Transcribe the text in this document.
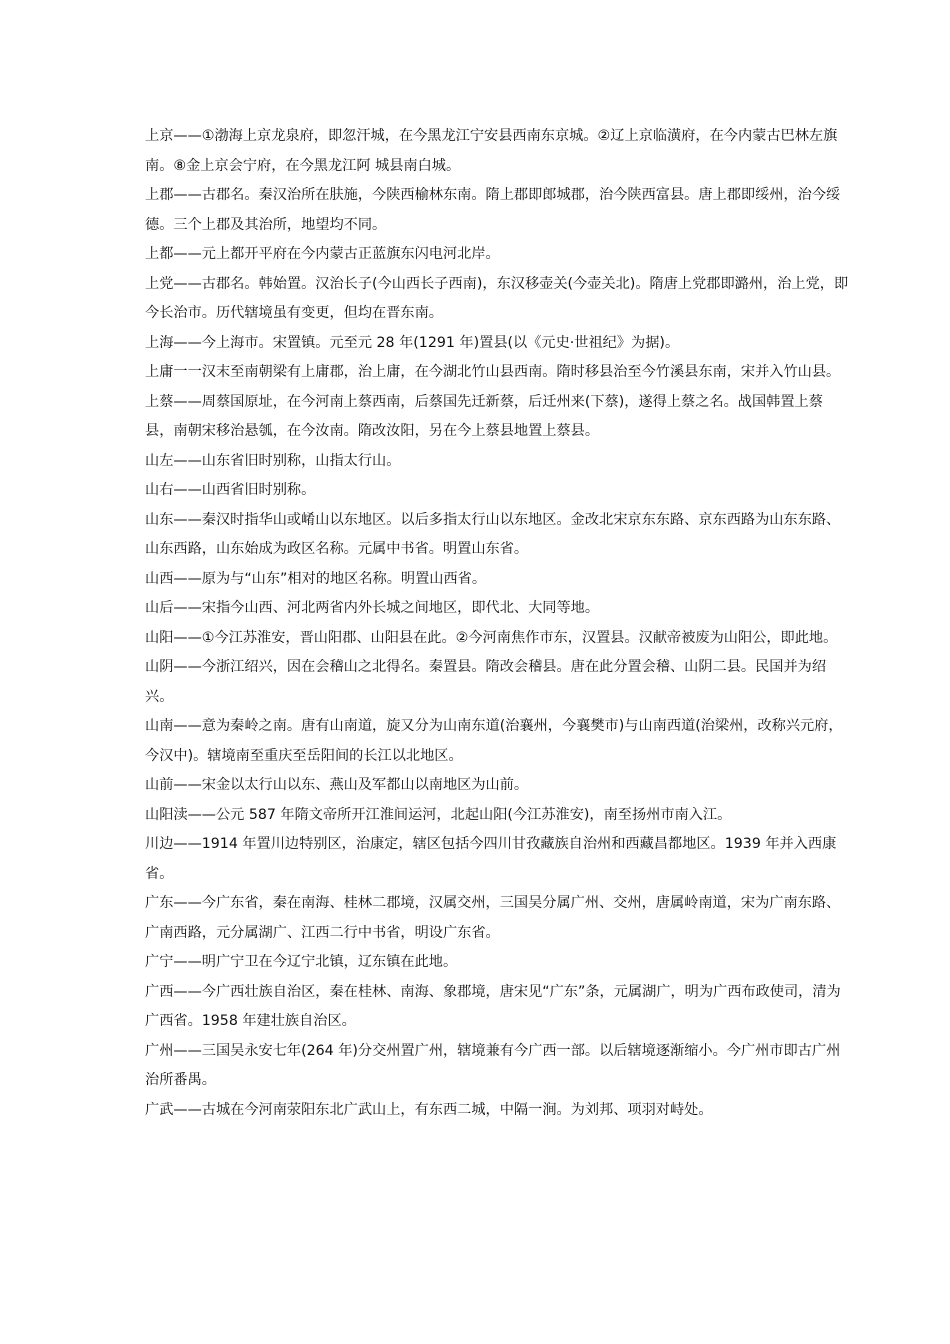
上京——①渤海上京龙泉府，即忽汗城，在今黑龙江宁安县西南东京城。②辽上京临潢府，在今内蒙古巴林左旗南。⑧金上京会宁府，在今黑龙江阿 城县南白城。

上郡——古郡名。秦汉治所在肤施，今陕西榆林东南。隋上郡即郎城郡，治今陕西富县。唐上郡即绥州，治今绥德。三个上郡及其治所，地望均不同。

上都——元上都开平府在今内蒙古正蓝旗东闪电河北岸。

上党——古郡名。韩始置。汉治长子(今山西长子西南)，东汉移壶关(今壶关北)。隋唐上党郡即潞州，治上党，即今长治市。历代辖境虽有变更，但均在晋东南。

上海——今上海市。宋置镇。元至元 28 年(1291 年)置县(以《元史·世祖纪》为据)。

上庸一一汉末至南朝梁有上庸郡，治上庸，在今湖北竹山县西南。隋时移县治至今竹溪县东南，宋并入竹山县。

上蔡——周蔡国原址，在今河南上蔡西南，后蔡国先迁新蔡，后迁州来(下蔡)，遂得上蔡之名。战国韩置上蔡县，南朝宋移治悬瓠，在今汝南。隋改汝阳，另在今上蔡县地置上蔡县。

山左——山东省旧时别称，山指太行山。

山右——山西省旧时别称。

山东——秦汉时指华山或崤山以东地区。以后多指太行山以东地区。金改北宋京东东路、京东西路为山东东路、山东西路，山东始成为政区名称。元属中书省。明置山东省。

山西——原为与“山东”相对的地区名称。明置山西省。

山后——宋指今山西、河北两省内外长城之间地区，即代北、大同等地。

山阳——①今江苏淮安，晋山阳郡、山阳县在此。②今河南焦作市东，汉置县。汉献帝被废为山阳公，即此地。

山阴——今浙江绍兴，因在会稽山之北得名。秦置县。隋改会稽县。唐在此分置会稽、山阴二县。民国并为绍兴。

山南——意为秦岭之南。唐有山南道，旋又分为山南东道(治襄州，今襄樊市)与山南西道(治梁州，改称兴元府，今汉中)。辖境南至重庆至岳阳间的长江以北地区。

山前——宋金以太行山以东、燕山及军都山以南地区为山前。

山阳渎——公元 587 年隋文帝所开江淮间运河，北起山阳(今江苏淮安)，南至扬州市南入江。

川边——1914 年置川边特别区，治康定，辖区包括今四川甘孜藏族自治州和西藏昌都地区。1939 年并入西康省。

广东——今广东省，秦在南海、桂林二郡境，汉属交州，三国吴分属广州、交州，唐属岭南道，宋为广南东路、广南西路，元分属湖广、江西二行中书省，明设广东省。

广宁——明广宁卫在今辽宁北镇，辽东镇在此地。

广西——今广西壮族自治区，秦在桂林、南海、象郡境，唐宋见“广东”条，元属湖广，明为广西布政使司，清为广西省。1958 年建壮族自治区。

广州——三国吴永安七年(264 年)分交州置广州，辖境兼有今广西一部。以后辖境逐渐缩小。今广州市即古广州治所番禺。

广武——古城在今河南荥阳东北广武山上，有东西二城，中隔一涧。为刘邦、项羽对峙处。
